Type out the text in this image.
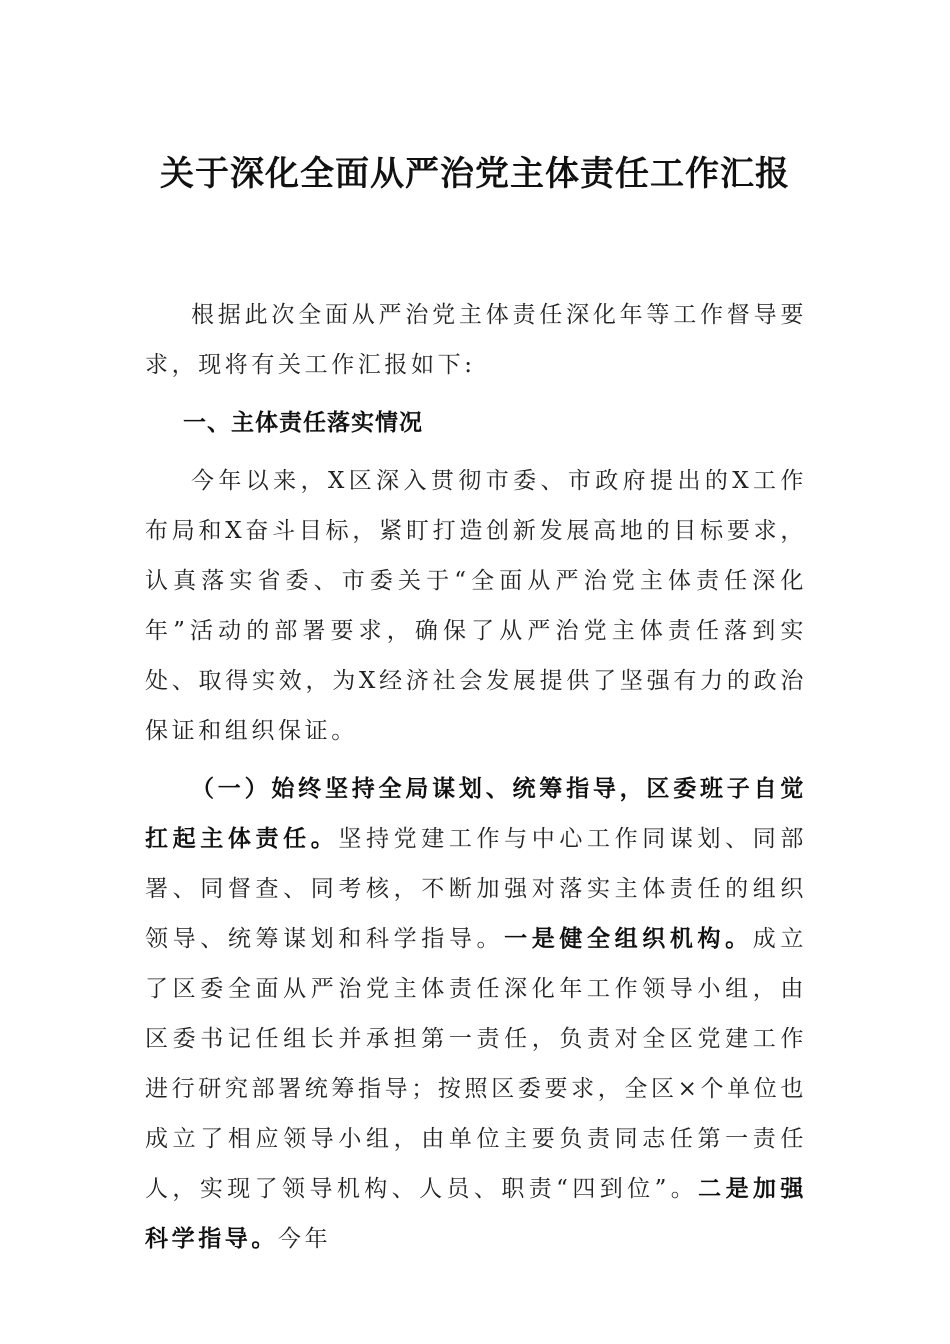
关于深化全面从严治党主体责任工作汇报

根据此次全面从严治党主体责任深化年等工作督导要求，现将有关工作汇报如下:

一、主体责任落实情况

今年以来，X区深入贯彻市委、市政府提出的X工作布局和X奋斗目标，紧盯打造创新发展高地的目标要求，认真落实省委、市委关于“全面从严治党主体责任深化年”活动的部署要求，确保了从严治党主体责任落到实处、取得实效，为X经济社会发展提供了坚强有力的政治保证和组织保证。

（一）始终坚持全局谋划、统筹指导，区委班子自觉扛起主体责任。坚持党建工作与中心工作同谋划、同部署、同督查、同考核，不断加强对落实主体责任的组织领导、统筹谋划和科学指导。一是健全组织机构。成立了区委全面从严治党主体责任深化年工作领导小组，由区委书记任组长并承担第一责任，负责对全区党建工作进行研究部署统筹指导；按照区委要求，全区×个单位也成立了相应领导小组，由单位主要负责同志任第一责任人，实现了领导机构、人员、职责“四到位”。二是加强科学指导。今年
